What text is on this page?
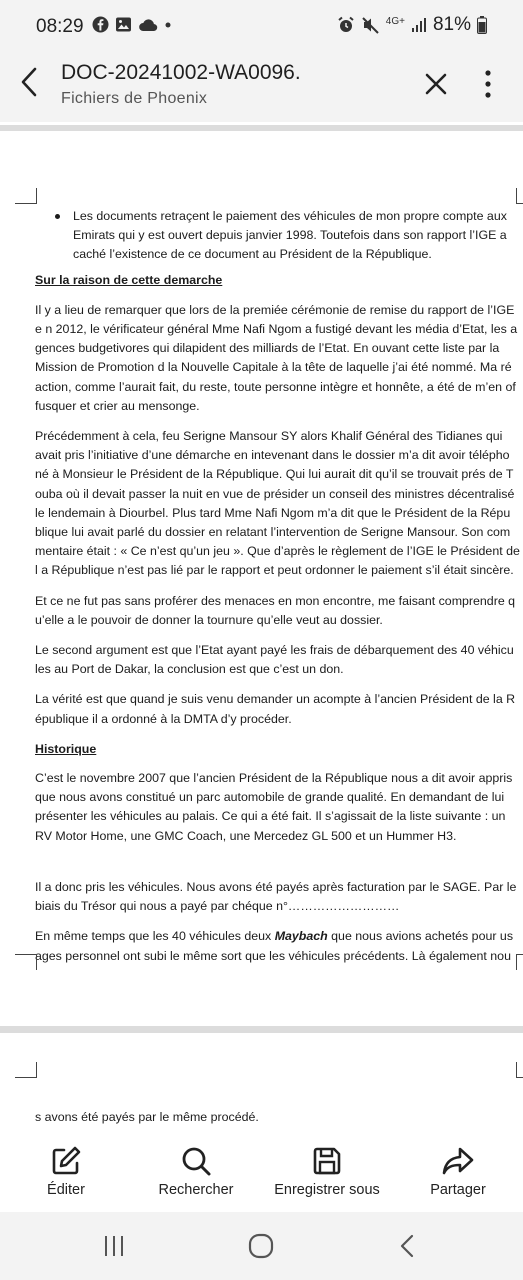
08:29	4G+ 81%
DOC-20241002-WA0096.
Fichiers de Phoenix

Les documents retraçent le paiement des véhicules de mon propre compte aux Emirats qui y est ouvert depuis janvier 1998. Toutefois dans son rapport l’IGE a caché l’existence de ce document au Président de la République.

Sur la raison de cette demarche

Il y a lieu de remarquer que lors de la premiée cérémonie de remise du rapport de l’IGE e n 2012, le vérificateur général Mme Nafi Ngom a fustigé devant les média d’Etat, les a gences budgetivores qui dilapident des milliards de l’Etat. En ouvant cette liste par la Mission de Promotion d la Nouvelle Capitale à la tête de laquelle j’ai été nommé. Ma ré action, comme l’aurait fait, du reste, toute personne intègre et honnête, a été de m’en of fusquer et crier au mensonge.

Précédemment à cela, feu Serigne Mansour SY alors Khalif Général des Tidianes qui avait pris l’initiative d’une démarche en intevenant dans le dossier m’a dit avoir télépho né à Monsieur le Président de la République. Qui lui aurait dit qu’il se trouvait prés de T ouba où il devait passer la nuit en vue de présider un conseil des ministres décentralisé le lendemain à Diourbel. Plus tard Mme Nafi Ngom m’a dit que le Président de la Répu blique lui avait parlé du dossier en relatant l’intervention de Serigne Mansour. Son com mentaire était : « Ce n’est qu’un jeu ». Que d’après le règlement de l’IGE le Président de l a République n’est pas lié par le rapport et peut ordonner le paiement s’il était sincère.

Et ce ne fut pas sans proférer des menaces en mon encontre, me faisant comprendre q u’elle a le pouvoir de donner la tournure qu’elle veut au dossier.

Le second argument est que l’Etat ayant payé les frais de débarquement des 40 véhicu les au Port de Dakar, la conclusion est que c’est un don.

La vérité est que quand je suis venu demander un acompte à l’ancien Président de la R épublique il a ordonné à la DMTA d’y procéder.

Historique

C’est le novembre 2007 que l’ancien Président de la République nous a dit avoir appris que nous avons constitué un parc automobile de grande qualité. En demandant de lui présenter les véhicules au palais. Ce qui a été fait. Il s’agissait de la liste suivante : un RV Motor Home, une GMC Coach, une Mercedez GL 500 et un Hummer H3.

Il a donc pris les véhicules. Nous avons été payés après facturation par le SAGE. Par le biais du Trésor qui nous a payé par chéque n°………………………

En même temps que les 40 véhicules deux Maybach que nous avions achetés pour us ages personnel ont subi le même sort que les véhicules précédents. Là également nou

s avons été payés par le même procédé.

Éditer	Rechercher	Enregistrer sous	Partager
